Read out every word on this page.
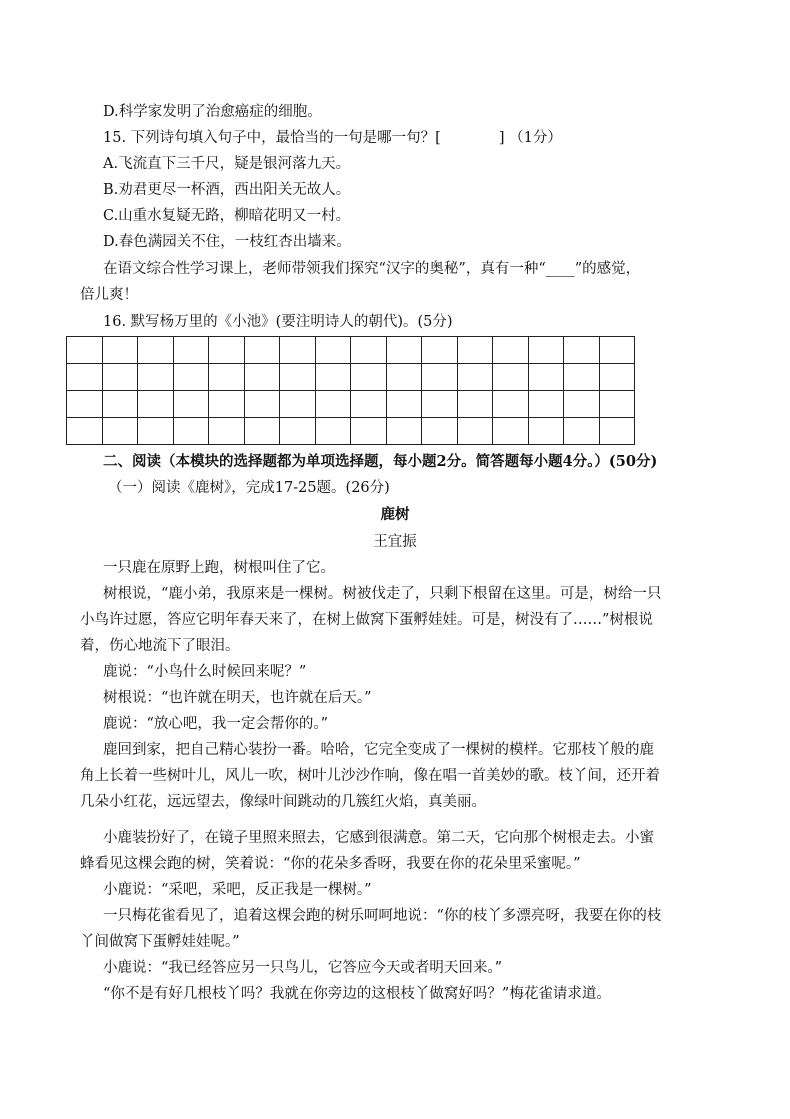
D.科学家发明了治愈癌症的细胞。
15. 下列诗句填入句子中，最恰当的一句是哪一句？[　　　　] （1分）
A.飞流直下三千尺，疑是银河落九天。
B.劝君更尽一杯酒，西出阳关无故人。
C.山重水复疑无路，柳暗花明又一村。
D.春色满园关不住，一枝红杏出墙来。
在语文综合性学习课上，老师带领我们探究“汉字的奥秘”，真有一种“____”的感觉，
倍儿爽！
16. 默写杨万里的《小池》(要注明诗人的朝代)。(5分)

二、阅读（本模块的选择题都为单项选择题，每小题2分。简答题每小题4分。）(50分)
（一）阅读《鹿树》，完成17-25题。(26分)
鹿树
王宜振
一只鹿在原野上跑，树根叫住了它。
树根说，“鹿小弟，我原来是一棵树。树被伐走了，只剩下根留在这里。可是，树给一只
小鸟许过愿，答应它明年春天来了，在树上做窝下蛋孵娃娃。可是，树没有了……”树根说
着，伤心地流下了眼泪。
鹿说：“小鸟什么时候回来呢？”
树根说：“也许就在明天，也许就在后天。”
鹿说：“放心吧，我一定会帮你的。”
鹿回到家，把自己精心装扮一番。哈哈，它完全变成了一棵树的模样。它那枝丫般的鹿
角上长着一些树叶儿，风儿一吹，树叶儿沙沙作响，像在唱一首美妙的歌。枝丫间，还开着
几朵小红花，远远望去，像绿叶间跳动的几簇红火焰，真美丽。
小鹿装扮好了，在镜子里照来照去，它感到很满意。第二天，它向那个树根走去。小蜜
蜂看见这棵会跑的树，笑着说：“你的花朵多香呀，我要在你的花朵里采蜜呢。”
小鹿说：“采吧，采吧，反正我是一棵树。”
一只梅花雀看见了，追着这棵会跑的树乐呵呵地说：“你的枝丫多漂亮呀，我要在你的枝
丫间做窝下蛋孵娃娃呢。”
小鹿说：“我已经答应另一只鸟儿，它答应今天或者明天回来。”
“你不是有好几根枝丫吗？我就在你旁边的这根枝丫做窝好吗？”梅花雀请求道。
